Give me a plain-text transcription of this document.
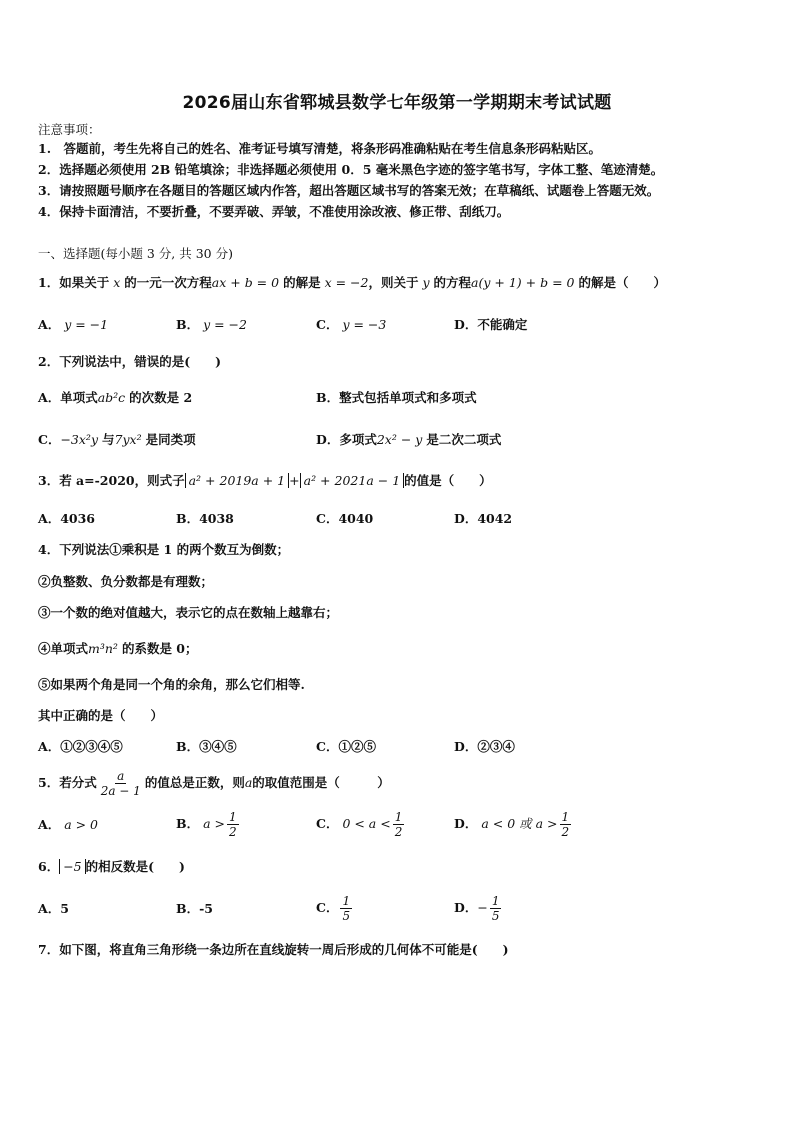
2026届山东省郓城县数学七年级第一学期期末考试试题
注意事项：
1.　答题前，考生先将自己的姓名、准考证号填写清楚，将条形码准确粘贴在考生信息条形码粘贴区。
2．选择题必须使用 2B 铅笔填涂；非选择题必须使用 0．5 毫米黑色字迹的签字笔书写，字体工整、笔迹清楚。
3．请按照题号顺序在各题目的答题区域内作答，超出答题区域书写的答案无效；在草稿纸、试题卷上答题无效。
4．保持卡面清洁，不要折叠，不要弄破、弄皱，不准使用涂改液、修正带、刮纸刀。
一、选择题(每小题 3 分, 共 30 分)
1．如果关于 x 的一元一次方程ax + b = 0 的解是 x = −2，则关于 y 的方程a(y + 1) + b = 0 的解是（　　）
A． y = −1	B． y = −2	C． y = −3	D．不能确定
2．下列说法中，错误的是(　　)
A．单项式ab²c 的次数是 2	B．整式包括单项式和多项式
C．−3x²y 与7yx² 是同类项	D．多项式2x² − y 是二次二项式
3．若 a=-2020，则式子 a² + 2019a + 1 + a² + 2021a − 1 的值是（　　）
A．4036	B．4038	C．4040	D．4042
4．下列说法①乘积是 1 的两个数互为倒数；
②负整数、负分数都是有理数；
③一个数的绝对值越大，表示它的点在数轴上越靠右；
④单项式m³n² 的系数是 0；
⑤如果两个角是同一个角的余角，那么它们相等.
其中正确的是（　　）
A．①②③④⑤	B．③④⑤	C．①②⑤	D．②③④
5．若分式 $\frac{a}{2a - 1}$ 的值总是正数，则a的取值范围是（　　　）
A． a > 0	B． $a > \frac{1}{2}$	C． $0 < a < \frac{1}{2}$	D． a < 0 或 $a > \frac{1}{2}$
6． −5 的相反数是(　　)
A．5	B．-5	C． $\frac{1}{5}$	D．− $\frac{1}{5}$
7．如下图，将直角三角形绕一条边所在直线旋转一周后形成的几何体不可能是(　　)
